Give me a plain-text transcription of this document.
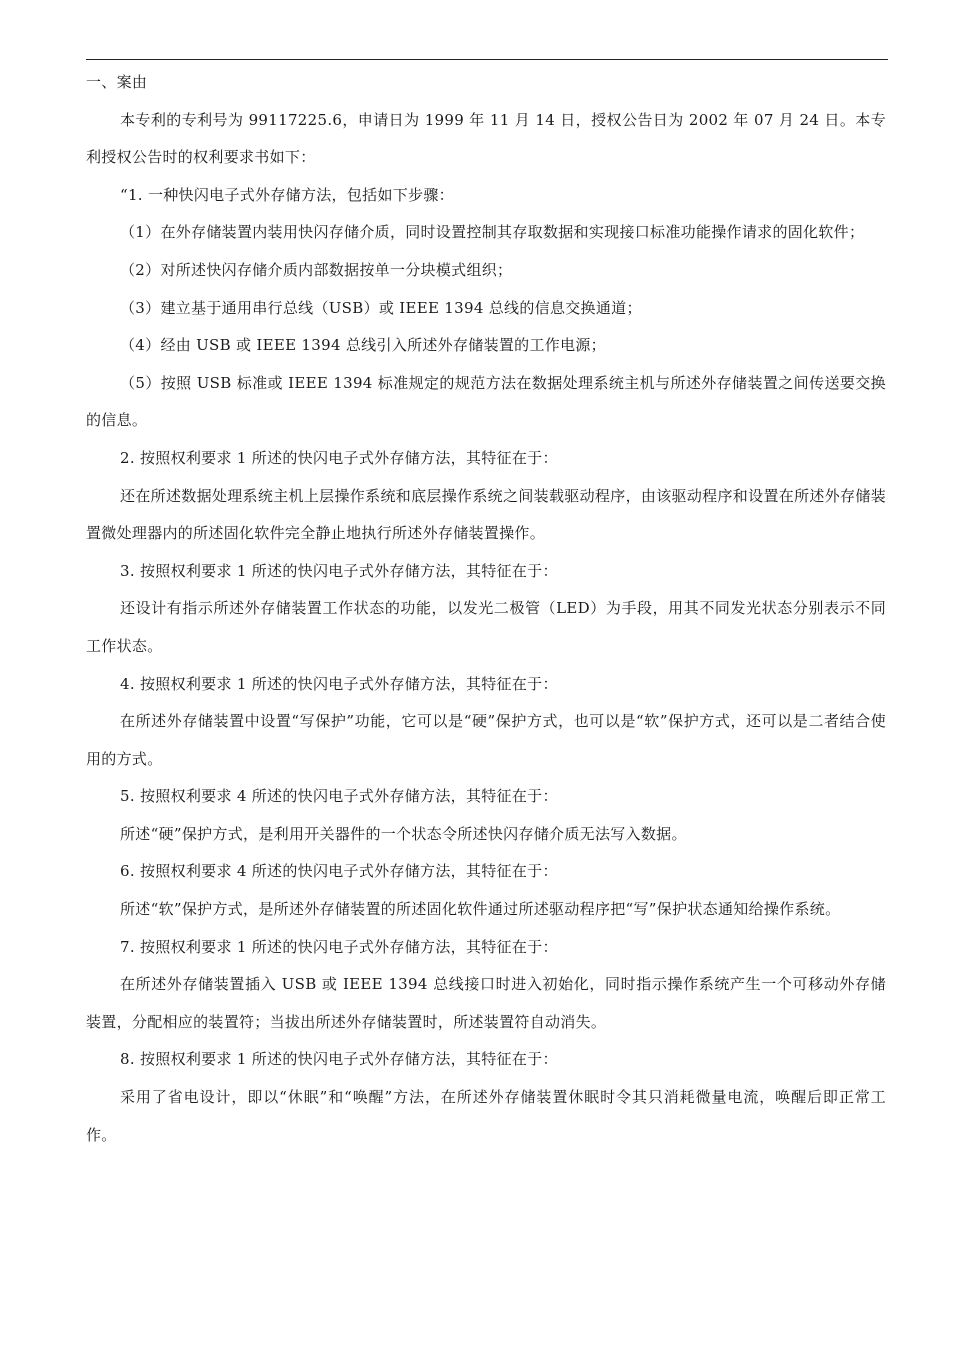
一、案由

本专利的专利号为 99117225.6，申请日为 1999 年 11 月 14 日，授权公告日为 2002 年 07 月 24 日。本专利授权公告时的权利要求书如下：

“1. 一种快闪电子式外存储方法，包括如下步骤：

（1）在外存储装置内装用快闪存储介质，同时设置控制其存取数据和实现接口标准功能操作请求的固化软件；

（2）对所述快闪存储介质内部数据按单一分块模式组织；

（3）建立基于通用串行总线（USB）或 IEEE 1394 总线的信息交换通道；

（4）经由 USB 或 IEEE 1394 总线引入所述外存储装置的工作电源；

（5）按照 USB 标准或 IEEE 1394 标准规定的规范方法在数据处理系统主机与所述外存储装置之间传送要交换的信息。

2. 按照权利要求 1 所述的快闪电子式外存储方法，其特征在于：

还在所述数据处理系统主机上层操作系统和底层操作系统之间装载驱动程序，由该驱动程序和设置在所述外存储装置微处理器内的所述固化软件完全静止地执行所述外存储装置操作。

3. 按照权利要求 1 所述的快闪电子式外存储方法，其特征在于：

还设计有指示所述外存储装置工作状态的功能，以发光二极管（LED）为手段，用其不同发光状态分别表示不同工作状态。

4. 按照权利要求 1 所述的快闪电子式外存储方法，其特征在于：

在所述外存储装置中设置“写保护”功能，它可以是“硬”保护方式，也可以是“软”保护方式，还可以是二者结合使用的方式。

5. 按照权利要求 4 所述的快闪电子式外存储方法，其特征在于：

所述“硬”保护方式，是利用开关器件的一个状态令所述快闪存储介质无法写入数据。

6. 按照权利要求 4 所述的快闪电子式外存储方法，其特征在于：

所述“软”保护方式，是所述外存储装置的所述固化软件通过所述驱动程序把“写”保护状态通知给操作系统。

7. 按照权利要求 1 所述的快闪电子式外存储方法，其特征在于：

在所述外存储装置插入 USB 或 IEEE 1394 总线接口时进入初始化，同时指示操作系统产生一个可移动外存储装置，分配相应的装置符；当拔出所述外存储装置时，所述装置符自动消失。

8. 按照权利要求 1 所述的快闪电子式外存储方法，其特征在于：

采用了省电设计，即以“休眠”和“唤醒”方法，在所述外存储装置休眠时令其只消耗微量电流，唤醒后即正常工作。
